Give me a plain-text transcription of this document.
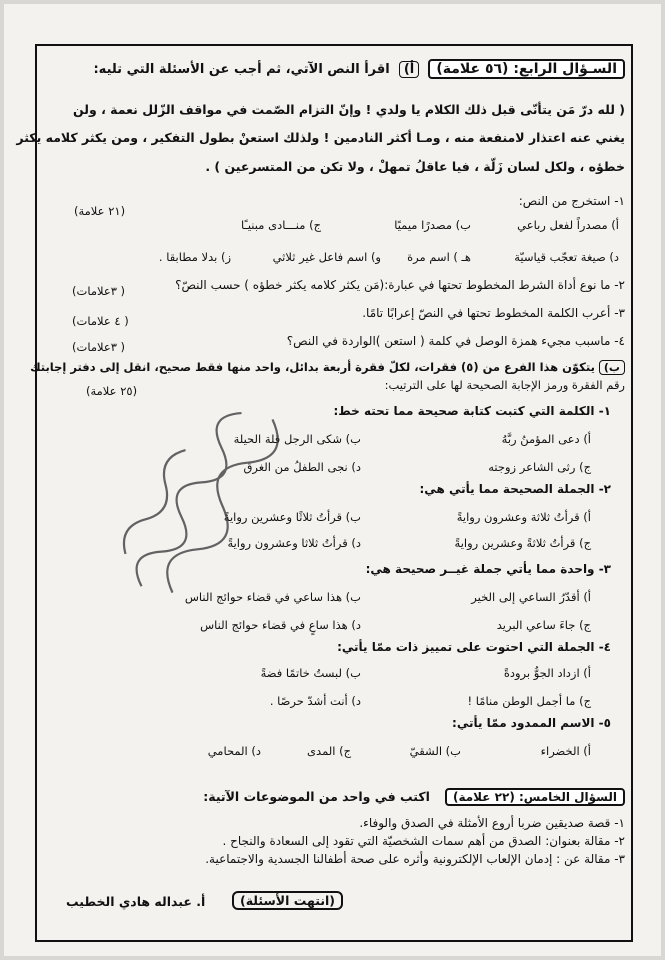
السـؤال الرابع: (٥٦ علامة) أ) اقرأ النص الآتي، ثم أجب عن الأسئلة التي تليه:
( لله درّ مَن يتأنّى قبل ذلك الكلام يا ولدي ! وإنّ التزام الصّمت في مواقف الزّلل نعمة ، ولن
يغني عنه اعتذار لامنفعة منه ، ومـا أكثر النادمين ! ولذلك استعنْ بطول التفكير ، ومن يكثر كلامه يكثر
خطؤه ، ولكل لسان زَلّة ، فيا عاقلُ تمهلْ ، ولا تكن من المتسرعين ) .
١- استخرج من النص:
(٢١ علامة)
أ) مصدراً لفعل رباعي
ب) مصدرًا ميميًا
ج) منـــادى مبنيـًا
د) صيغة تعجّب قياسيّة
هـ ) اسم مرة
و) اسم فاعل غير ثلاثي
ز) بدلا مطابقا .
٢- ما نوع أداة الشرط المخطوط تحتها في عبارة:(مَن يكثر كلامه يكثر خطؤه ) حسب النصّ؟
( ٣علامات)
٣- أعرب الكلمة المخطوط تحتها في النصّ إعرابًا تامًا.
( ٤ علامات)
٤- ماسبب مجيء همزة الوصل في كلمة ( استعن )الواردة في النص؟
( ٣علامات)
ب) يتكوّن هذا الفرع من (٥) فقرات، لكلّ فقرة أربعة بدائل، واحد منها فقط صحيح، انقل إلى دفتر إجابتك
رقم الفقرة ورمز الإجابة الصحيحة لها على الترتيب:
(٢٥ علامة)
١- الكلمة التي كتبت كتابة صحيحة مما تحته خط:
أ) دعى المؤمنُ ربَّهُ
ب) شكى الرجل قلة الحيلة
ج) رثى الشاعر زوجته
د) نجى الطفلُ من الغرق
٢- الجملة الصحيحة مما يأتي هي:
أ) قرأتُ ثلاثة وعشرون روايةً
ب) قرأتُ ثلاثًا وعشرين روايةً
ج) قرأتُ ثلاثةً وعشرين روايةً
د) قرأتُ ثلاثا وعشرون روايةً
٣- واحدة مما يأتي جملة غيــر صحيحة هي:
أ) أقدّرُ الساعي إلى الخير
ب) هذا ساعي في قضاء حوائج الناس
ج) جاءَ ساعي البريد
د) هذا ساعٍ في قضاء حوائج الناس
٤- الجملة التي احتوت على تمييز ذات ممّا يأتي:
أ) ازداد الجوُّ برودةً
ب) لبستُ خاتمًا فضةً
ج) ما أجمل الوطن منامًا !
د) أنت أشدّ حرصًا .
٥- الاسم الممدود ممّا يأتي:
أ) الخضراء
ب) الشقيّ
ج) المدى
د) المحامي
السؤال الخامس: (٢٢ علامة) اكتب في واحد من الموضوعات الآتية:
١- قصة صديقين ضربا أروع الأمثلة في الصدق والوفاء.
٢- مقالة بعنوان: الصدق من أهم سمات الشخصيّة التي تقود إلى السعادة والنجاح .
٣- مقالة عن : إدمان الإلعاب الإلكترونية وأثره على صحة أطفالنا الجسدية والاجتماعية.
(انتهت الأسئلة)
أ. عبداله هادي الخطيب
